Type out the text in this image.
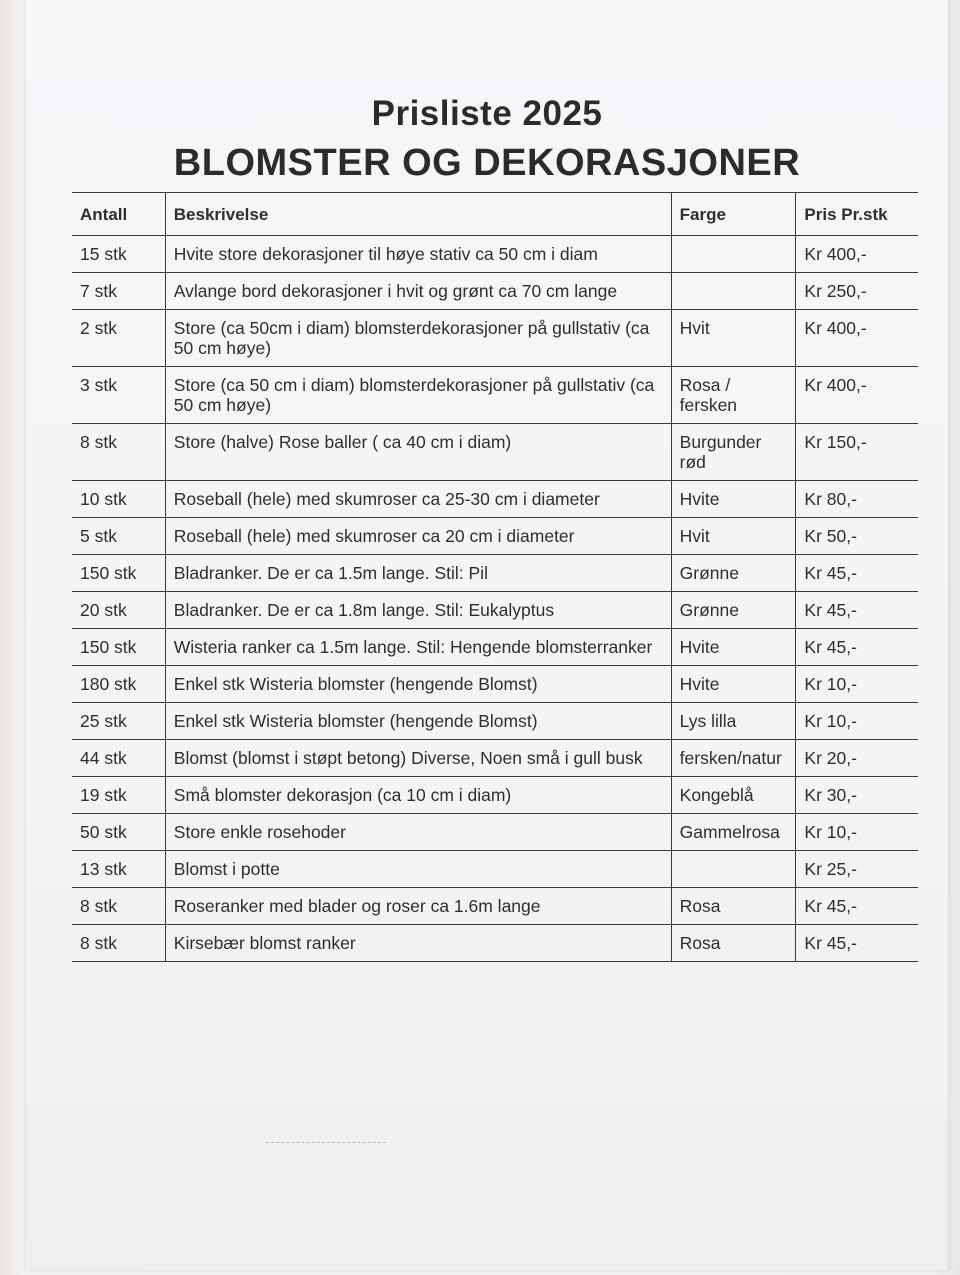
Prisliste 2025
BLOMSTER OG DEKORASJONER
Antall	Beskrivelse	Farge	Pris Pr.stk
15 stk	Hvite store dekorasjoner til høye stativ ca 50 cm i diam		Kr 400,-
7 stk	Avlange bord dekorasjoner i hvit og grønt ca 70 cm lange		Kr 250,-
2 stk	Store (ca 50cm i diam) blomsterdekorasjoner på gullstativ (ca 50 cm høye)	Hvit	Kr 400,-
3 stk	Store (ca 50 cm i diam) blomsterdekorasjoner på gullstativ (ca 50 cm høye)	Rosa / fersken	Kr 400,-
8 stk	Store (halve) Rose baller ( ca 40 cm i diam)	Burgunder rød	Kr 150,-
10 stk	Roseball (hele) med skumroser ca 25-30 cm i diameter	Hvite	Kr 80,-
5 stk	Roseball (hele) med skumroser ca 20 cm i diameter	Hvit	Kr 50,-
150 stk	Bladranker. De er ca 1.5m lange. Stil: Pil	Grønne	Kr 45,-
20 stk	Bladranker. De er ca 1.8m lange. Stil: Eukalyptus	Grønne	Kr 45,-
150 stk	Wisteria ranker ca 1.5m lange. Stil: Hengende blomsterranker	Hvite	Kr 45,-
180 stk	Enkel stk Wisteria blomster (hengende Blomst)	Hvite	Kr 10,-
25 stk	Enkel stk Wisteria blomster (hengende Blomst)	Lys lilla	Kr 10,-
44 stk	Blomst (blomst i støpt betong) Diverse, Noen små i gull busk	fersken/natur	Kr 20,-
19 stk	Små blomster dekorasjon (ca 10 cm i diam)	Kongeblå	Kr 30,-
50 stk	Store enkle rosehoder	Gammelrosa	Kr 10,-
13 stk	Blomst i potte		Kr 25,-
8 stk	Roseranker med blader og roser ca 1.6m lange	Rosa	Kr 45,-
8 stk	Kirsebær blomst ranker	Rosa	Kr 45,-
